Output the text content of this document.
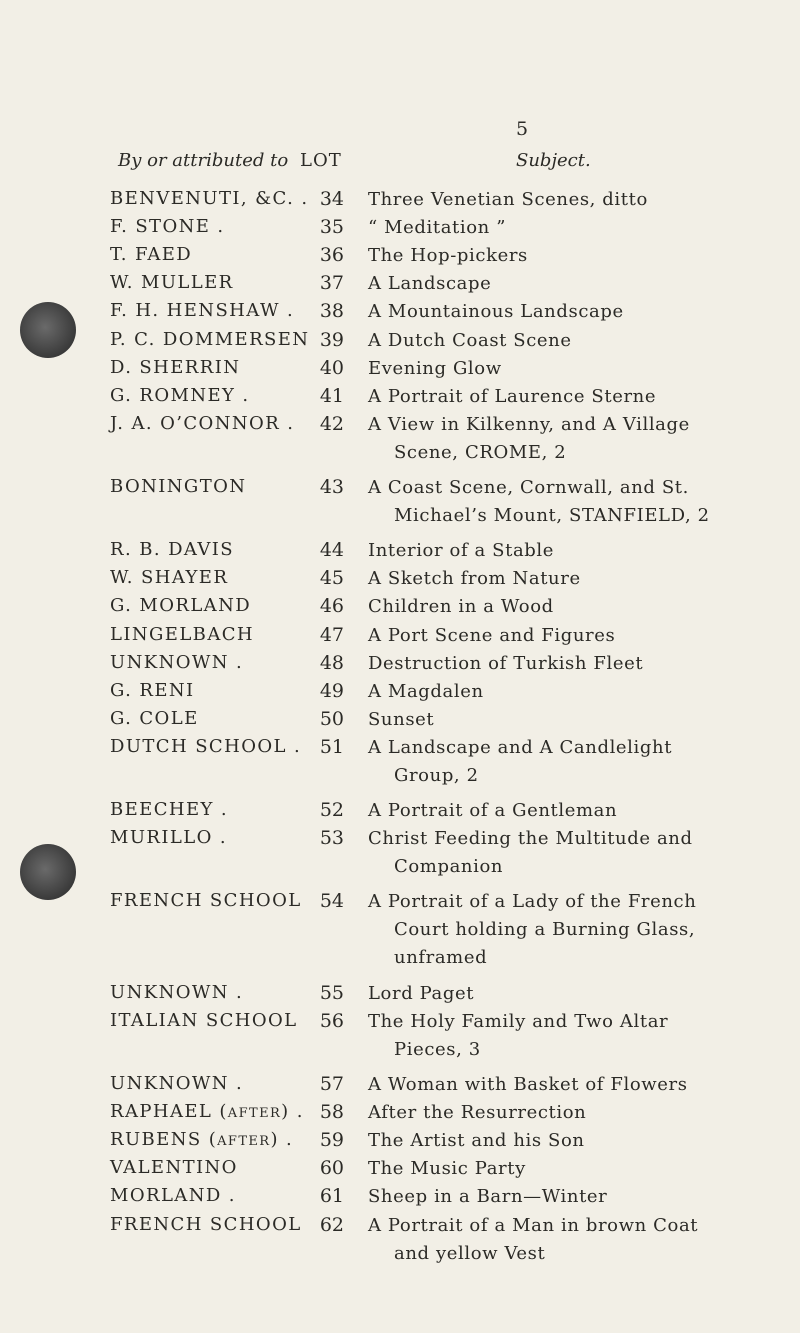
5
By or attributed to LOT	Subject.
BENVENUTI, &C. . 34 Three Venetian Scenes, ditto
F. STONE .	35 “ Meditation ”
T. FAED	36 The Hop-pickers
W. MULLER	37 A Landscape
F. H. HENSHAW .	38 A Mountainous Landscape
P. C. DOMMERSEN 39 A Dutch Coast Scene
D. SHERRIN	40 Evening Glow
G. ROMNEY .	41 A Portrait of Laurence Sterne
J. A. O’CONNOR .	42 A View in Kilkenny, and A Village
Scene, CROME, 2
BONINGTON	43 A Coast Scene, Cornwall, and St.
Michael’s Mount, STANFIELD, 2
R. B. DAVIS	44 Interior of a Stable
W. SHAYER	45 A Sketch from Nature
G. MORLAND	46 Children in a Wood
LINGELBACH	47 A Port Scene and Figures
UNKNOWN .	48 Destruction of Turkish Fleet
G. RENI	49 A Magdalen
G. COLE	50 Sunset
DUTCH SCHOOL . 51 A Landscape and A Candlelight
Group, 2
BEECHEY .	52 A Portrait of a Gentleman
MURILLO .	53 Christ Feeding the Multitude and
Companion
FRENCH SCHOOL 54 A Portrait of a Lady of the French
Court holding a Burning Glass,
unframed
UNKNOWN .	55 Lord Paget
ITALIAN SCHOOL	56 The Holy Family and Two Altar
Pieces, 3
UNKNOWN .	57 A Woman with Basket of Flowers
RAPHAEL (after) . 58 After the Resurrection
RUBENS (after) .	59 The Artist and his Son
VALENTINO	60 The Music Party
MORLAND .	61 Sheep in a Barn—Winter
FRENCH SCHOOL 62 A Portrait of a Man in brown Coat
and yellow Vest
